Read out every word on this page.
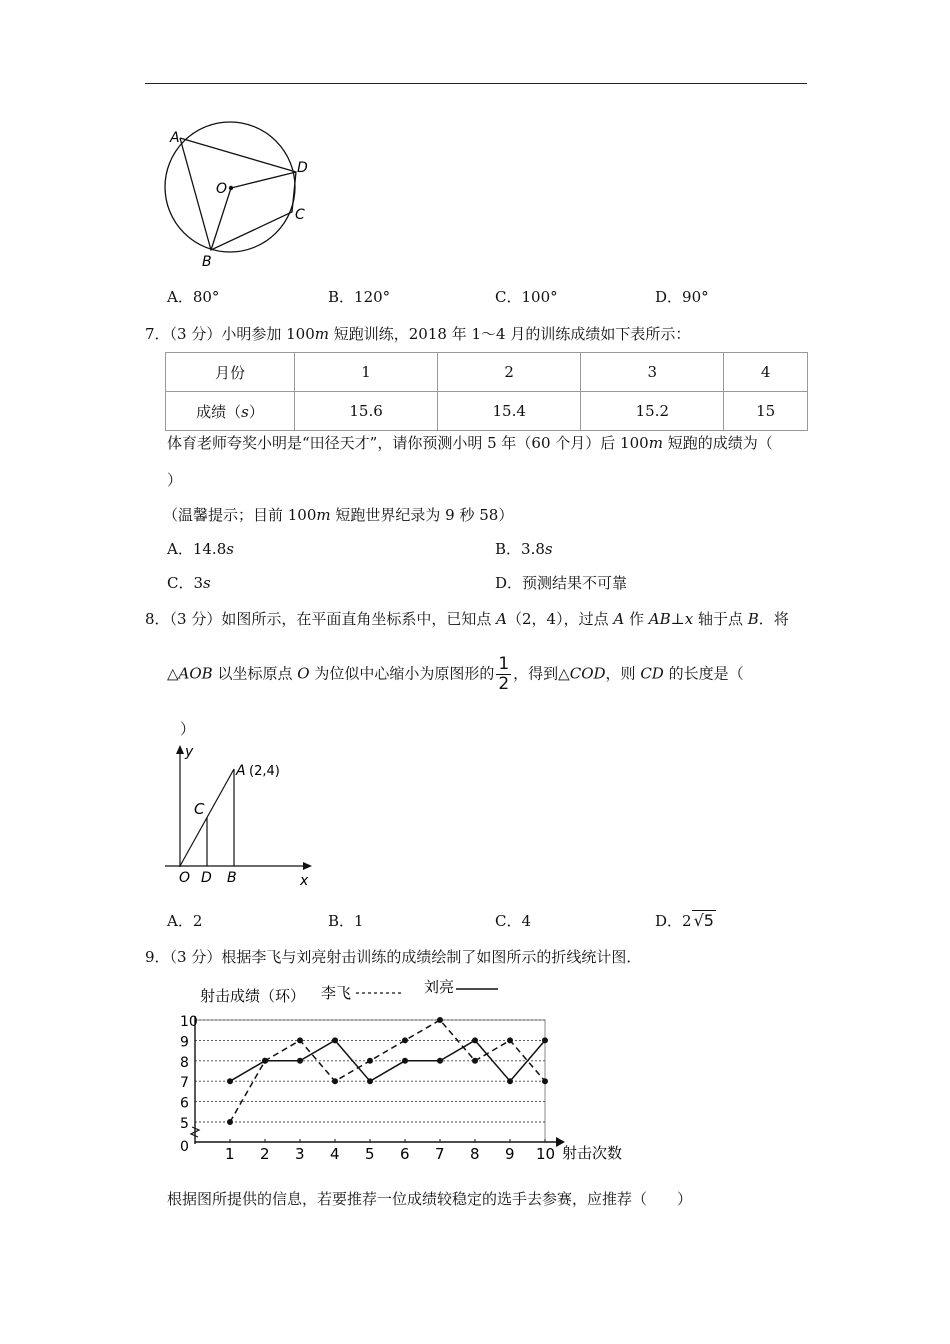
A
D
O
C
B
A．80°	B．120°	C．100°	D．90°
7．（3 分）小明参加 100m 短跑训练，2018 年 1～4 月的训练成绩如下表所示：
月份	1	2	3	4
成绩（s）	15.6	15.4	15.2	15
体育老师夸奖小明是“田径天才”，请你预测小明 5 年（60 个月）后 100m 短跑的成绩为（
）
（温馨提示；目前 100m 短跑世界纪录为 9 秒 58）
A．14.8s	B．3.8s
C．3s	D．预测结果不可靠
8．（3 分）如图所示，在平面直角坐标系中，已知点 A（2，4），过点 A 作 AB⊥x 轴于点 B．将
△AOB 以坐标原点 O 为位似中心缩小为原图形的 $\frac{1}{2}$ ，得到△COD，则 CD 的长度是（
）
y
x
O D B
C
A (2,4)
A．2	B．1	C．4	D．2 √5
9．（3 分）根据李飞与刘亮射击训练的成绩绘制了如图所示的折线统计图．
射击成绩（环） 李飞	刘亮
0
5
6
7
8
9
10
1 2 3 4 5 6 7 8 9 10 射击次数
根据图所提供的信息，若要推荐一位成绩较稳定的选手去参赛，应推荐（　　）
